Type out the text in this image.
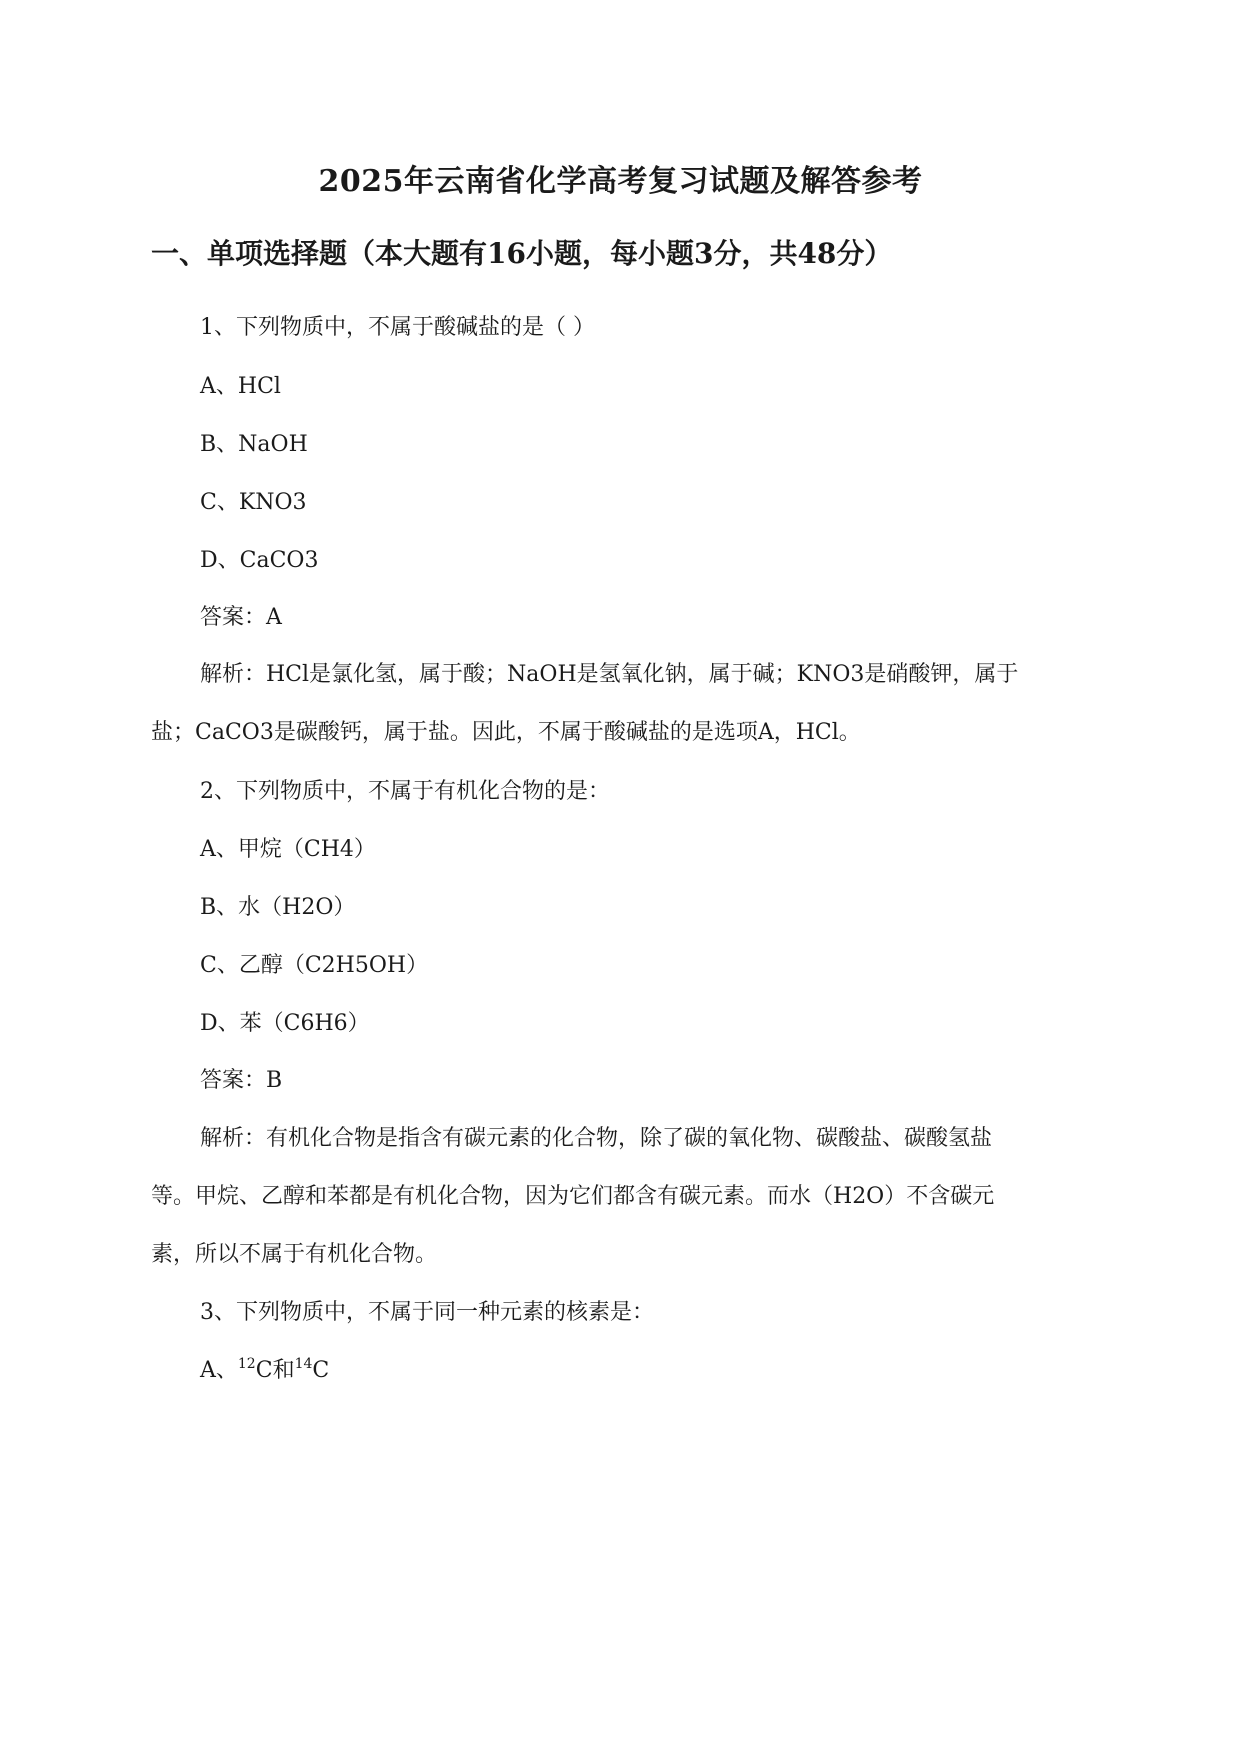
2025年云南省化学高考复习试题及解答参考
一、单项选择题（本大题有16小题，每小题3分，共48分）
1、下列物质中，不属于酸碱盐的是（ ）
A、HCl
B、NaOH
C、KNO3
D、CaCO3
答案：A
解析：HCl是氯化氢，属于酸；NaOH是氢氧化钠，属于碱；KNO3是硝酸钾，属于
盐；CaCO3是碳酸钙，属于盐。因此，不属于酸碱盐的是选项A，HCl。
2、下列物质中，不属于有机化合物的是：
A、甲烷（CH4）
B、水（H2O）
C、乙醇（C2H5OH）
D、苯（C6H6）
答案：B
解析：有机化合物是指含有碳元素的化合物，除了碳的氧化物、碳酸盐、碳酸氢盐
等。甲烷、乙醇和苯都是有机化合物，因为它们都含有碳元素。而水（H2O）不含碳元
素，所以不属于有机化合物。
3、下列物质中，不属于同一种元素的核素是：
A、$^{12}$C和$^{14}$C
